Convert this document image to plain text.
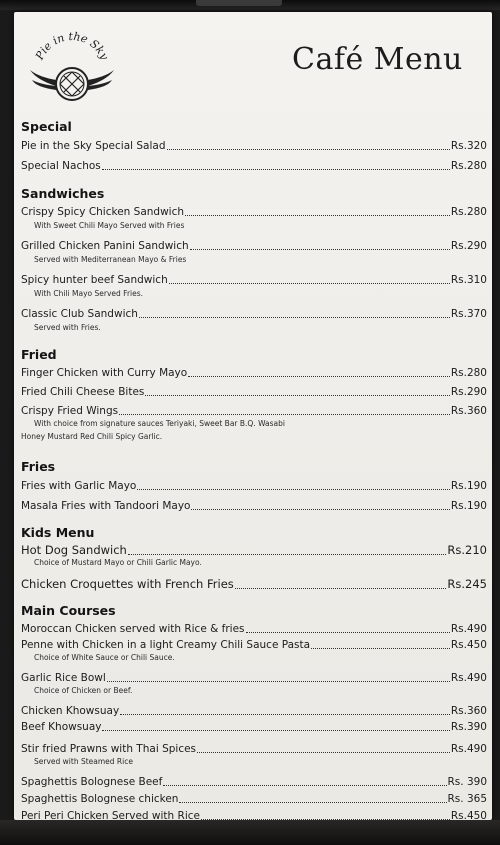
Pie in the Sky	Café Menu
Special
Pie in the Sky Special Salad	Rs.320
Special Nachos	Rs.280
Sandwiches
Crispy Spicy Chicken Sandwich	Rs.280
With Sweet Chili Mayo Served with Fries
Grilled Chicken Panini Sandwich	Rs.290
Served with Mediterranean Mayo & Fries
Spicy hunter beef Sandwich	Rs.310
With Chili Mayo Served Fries.
Classic Club Sandwich	Rs.370
Served with Fries.
Fried
Finger Chicken with Curry Mayo	Rs.280
Fried Chili Cheese Bites	Rs.290
Crispy Fried Wings	Rs.360
With choice from signature sauces Teriyaki, Sweet Bar B.Q. Wasabi
Honey Mustard Red Chili Spicy Garlic.
Fries
Fries with Garlic Mayo	Rs.190
Masala Fries with Tandoori Mayo	Rs.190
Kids Menu
Hot Dog Sandwich	Rs.210
Choice of Mustard Mayo or Chili Garlic Mayo.
Chicken Croquettes with French Fries	Rs.245
Main Courses
Moroccan Chicken served with Rice & fries	Rs.490
Penne with Chicken in a light Creamy Chili Sauce Pasta	Rs.450
Choice of White Sauce or Chili Sauce.
Garlic Rice Bowl	Rs.490
Choice of Chicken or Beef.
Chicken Khowsuay	Rs.360
Beef Khowsuay	Rs.390
Stir fried Prawns with Thai Spices	Rs.490
Served with Steamed Rice
Spaghettis Bolognese Beef	Rs. 390
Spaghettis Bolognese chicken	Rs. 365
Peri Peri Chicken Served with Rice	Rs.450
